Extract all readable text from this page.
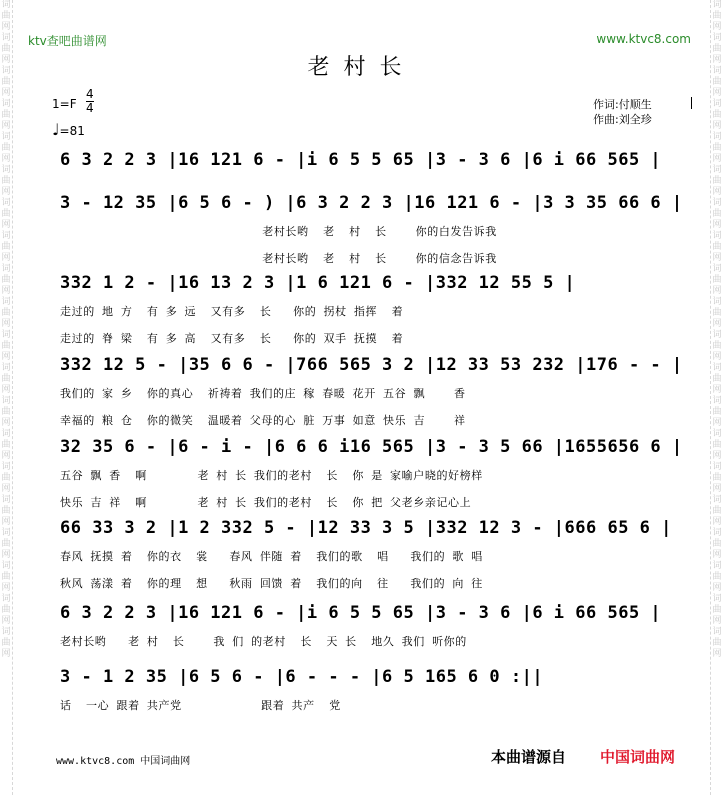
词曲网词曲网词曲网词曲网词曲网词曲网词曲网词曲网词曲网词曲网词曲网词曲网词曲网词曲网词曲网词曲网词曲网词曲网词曲网词曲网
词曲网词曲网词曲网词曲网词曲网词曲网词曲网词曲网词曲网词曲网词曲网词曲网词曲网词曲网词曲网词曲网词曲网词曲网词曲网词曲网
ktv查吧曲谱网	www.ktvc8.com
老村长
$1=F \frac{4}{4}$
♩=81
作词:付顺生
作曲:刘全珍
6 3 2 2 3 |16 121 6 - |i 6 5 5 65 |3 - 3 6 |6 i 66 565 |
3 - 12 35 |6 5 6 - ) |6 3 2 2 3 |16 121 6 - |3 3 35 66 6 |
老村长哟  老  村  长    你的白发告诉我
老村长哟  老  村  长    你的信念告诉我
332 1 2 - |16 13 2 3 |1 6 121 6 - |332 12 55 5 |
走过的 地 方  有 多 远  又有多  长   你的 拐杖 指挥  着
走过的 脊 梁  有 多 高  又有多  长   你的 双手 抚摸  着
332 12 5 - |35 6 6 - |766 565 3 2 |12 33 53 232 |176 - - |
我们的 家 乡  你的真心  祈祷着 我们的庄 稼 春暖 花开 五谷 飘    香
幸福的 粮 仓  你的微笑  温暖着 父母的心 脏 万事 如意 快乐 吉    祥
32 35 6 - |6 - i - |6 6 6 i16 565 |3 - 3 5 66 |1655656 6 |
五谷 飘 香  啊       老 村 长 我们的老村  长  你 是 家喻户晓的好榜样
快乐 吉 祥  啊       老 村 长 我们的老村  长  你 把 父老乡亲记心上
66 33 3 2 |1 2 332 5 - |12 33 3 5 |332 12 3 - |666 65 6 |
春风 抚摸 着  你的衣  裳   春风 伴随 着  我们的歌  唱   我们的 歌 唱
秋风 荡漾 着  你的理  想   秋雨 回馈 着  我们的向  往   我们的 向 往
6 3 2 2 3 |16 121 6 - |i 6 5 5 65 |3 - 3 6 |6 i 66 565 |
老村长哟   老 村  长    我 们 的老村  长  天 长  地久 我们 听你的
3 - 1 2 35 |6 5 6 - |6 - - - |6 5 165 6 0 :||
话  一心 跟着 共产党           跟着 共产  党
www.ktvc8.com 中国词曲网	本曲谱源自 中国词曲网
